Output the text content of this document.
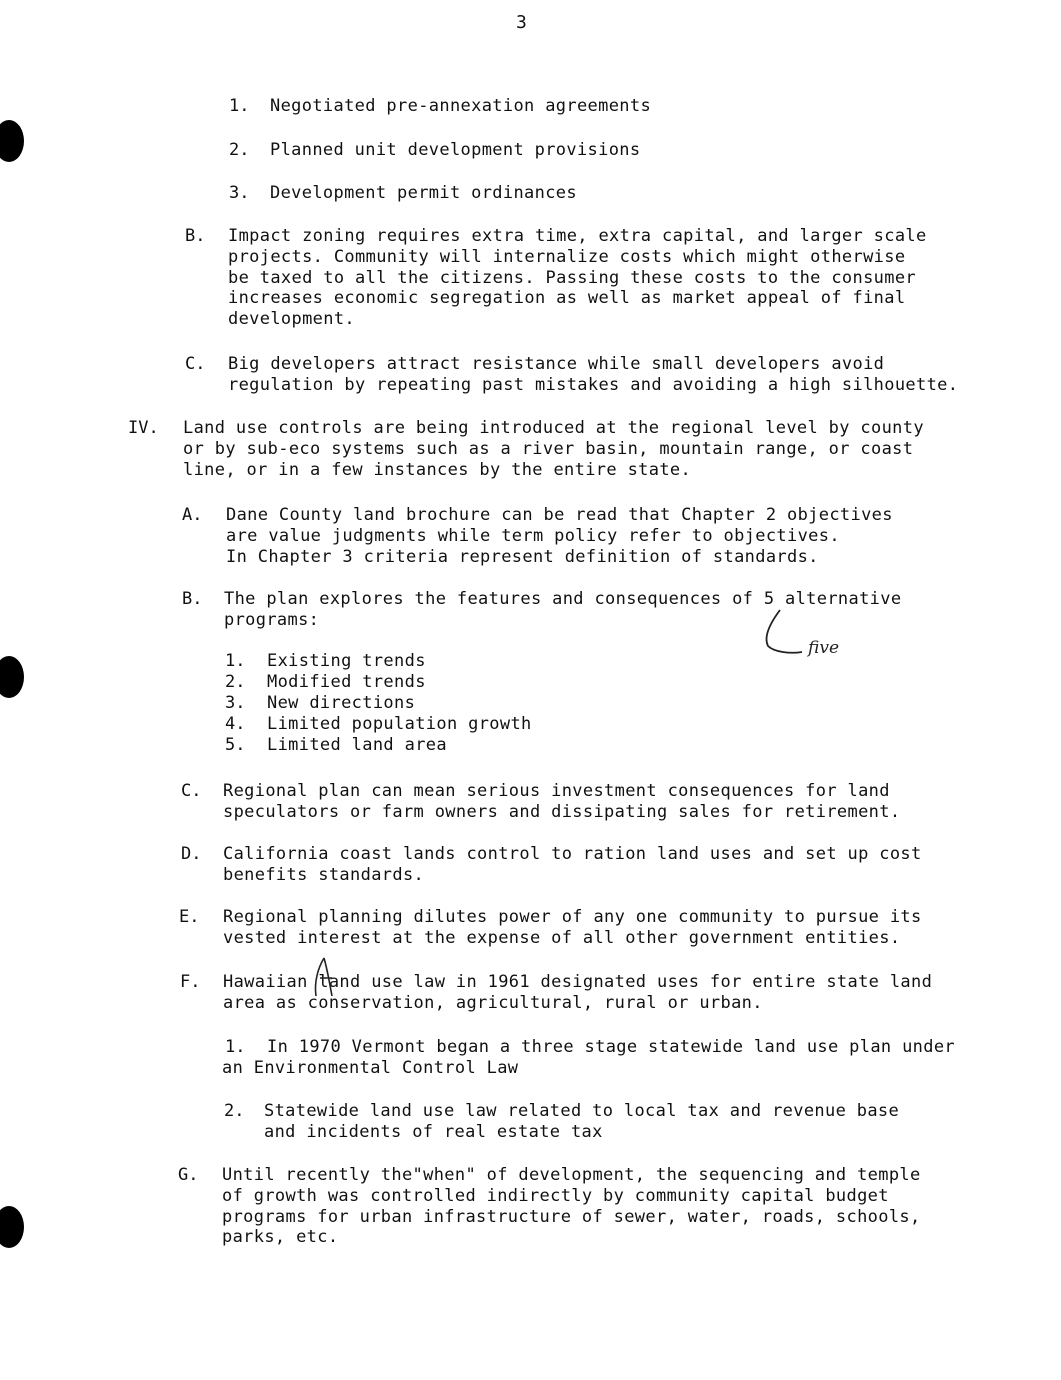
3
1. Negotiated pre-annexation agreements
2. Planned unit development provisions
3. Development permit ordinances
B. Impact zoning requires extra time, extra capital, and larger scale
projects. Community will internalize costs which might otherwise
be taxed to all the citizens. Passing these costs to the consumer
increases economic segregation as well as market appeal of final
development.
C. Big developers attract resistance while small developers avoid
regulation by repeating past mistakes and avoiding a high silhouette.
IV. Land use controls are being introduced at the regional level by county
or by sub-eco systems such as a river basin, mountain range, or coast
line, or in a few instances by the entire state.
A. Dane County land brochure can be read that Chapter 2 objectives
are value judgments while term policy refer to objectives.
In Chapter 3 criteria represent definition of standards.
B. The plan explores the features and consequences of 5 alternative
programs:
five
1. Existing trends
2. Modified trends
3. New directions
4. Limited population growth
5. Limited land area
C. Regional plan can mean serious investment consequences for land
speculators or farm owners and dissipating sales for retirement.
D. California coast lands control to ration land uses and set up cost
benefits standards.
E. Regional planning dilutes power of any one community to pursue its
vested interest at the expense of all other government entities.
F. Hawaiian land use law in 1961 designated uses for entire state land
area as conservation, agricultural, rural or urban.
1.	In 1970 Vermont began a three stage statewide land use plan under
an Environmental Control Law
2. Statewide land use law related to local tax and revenue base
and incidents of real estate tax
G. Until recently the"when" of development, the sequencing and temple
of growth was controlled indirectly by community capital budget
programs for urban infrastructure of sewer, water, roads, schools,
parks, etc.
